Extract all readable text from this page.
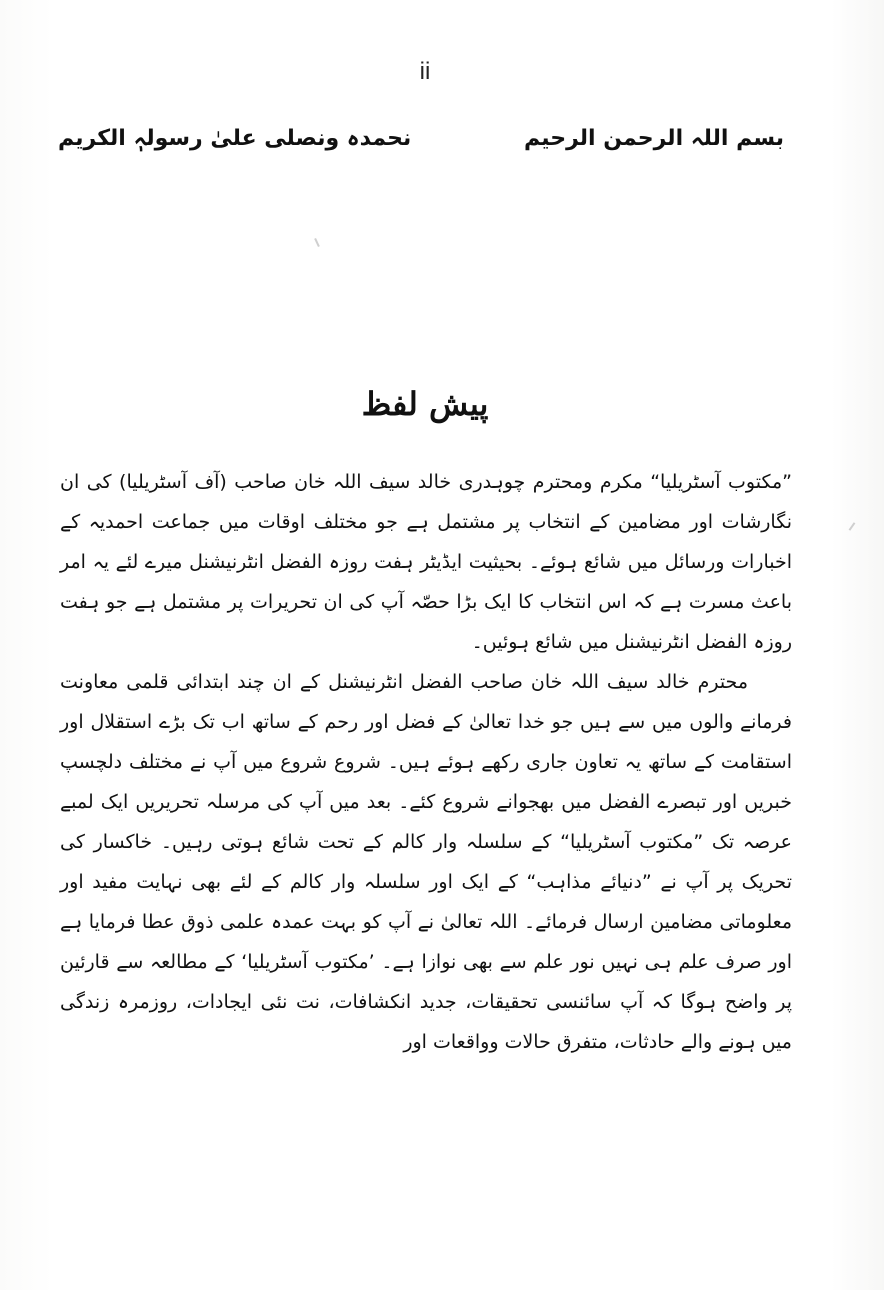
ii
بسم اللہ الرحمن الرحیم
نحمدہ ونصلی علیٰ رسولہٖ الکریم
پیش لفظ

”مکتوب آسٹریلیا“ مکرم ومحترم چوہدری خالد سیف اللہ خان صاحب (آف آسٹریلیا) کی ان نگارشات اور مضامین کے انتخاب پر مشتمل ہے جو مختلف اوقات میں جماعت احمدیہ کے اخبارات ورسائل میں شائع ہوئے۔ بحیثیت ایڈیٹر ہفت روزہ الفضل انٹرنیشنل میرے لئے یہ امر باعث مسرت ہے کہ اس انتخاب کا ایک بڑا حصّہ آپ کی ان تحریرات پر مشتمل ہے جو ہفت روزہ الفضل انٹرنیشنل میں شائع ہوئیں۔

محترم خالد سیف اللہ خان صاحب الفضل انٹرنیشنل کے ان چند ابتدائی قلمی معاونت فرمانے والوں میں سے ہیں جو خدا تعالیٰ کے فضل اور رحم کے ساتھ اب تک بڑے استقلال اور استقامت کے ساتھ یہ تعاون جاری رکھے ہوئے ہیں۔ شروع شروع میں آپ نے مختلف دلچسپ خبریں اور تبصرے الفضل میں بھجوانے شروع کئے۔ بعد میں آپ کی مرسلہ تحریریں ایک لمبے عرصہ تک ”مکتوب آسٹریلیا“ کے سلسلہ وار کالم کے تحت شائع ہوتی رہیں۔ خاکسار کی تحریک پر آپ نے ”دنیائے مذاہب“ کے ایک اور سلسلہ وار کالم کے لئے بھی نہایت مفید اور معلوماتی مضامین ارسال فرمائے۔ اللہ تعالیٰ نے آپ کو بہت عمدہ علمی ذوق عطا فرمایا ہے اور صرف علم ہی نہیں نور علم سے بھی نوازا ہے۔ ’مکتوب آسٹریلیا‘ کے مطالعہ سے قارئین پر واضح ہوگا کہ آپ سائنسی تحقیقات، جدید انکشافات، نت نئی ایجادات، روزمرہ زندگی میں ہونے والے حادثات، متفرق حالات وواقعات اور
